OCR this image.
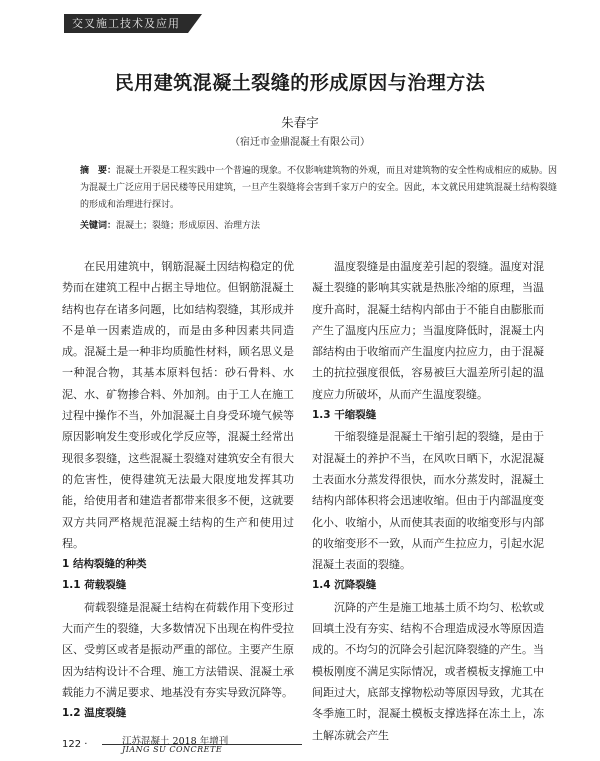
交叉施工技术及应用
民用建筑混凝土裂缝的形成原因与治理方法
朱春宇
（宿迁市金鼎混凝土有限公司）
摘　要：混凝土开裂是工程实践中一个普遍的现象。不仅影响建筑物的外观，而且对建筑物的安全性构成相应的威胁。因为混凝土广泛应用于居民楼等民用建筑，一旦产生裂缝将会害到千家万户的安全。因此，本文就民用建筑混凝土结构裂缝的形成和治理进行探讨。
关键词：混凝土；裂缝；形成原因、治理方法

在民用建筑中，钢筋混凝土因结构稳定的优势而在建筑工程中占据主导地位。但钢筋混凝土结构也存在诸多问题，比如结构裂缝，其形成并不是单一因素造成的，而是由多种因素共同造成。混凝土是一种非均质脆性材料，顾名思义是一种混合物，其基本原料包括：砂石骨料、水泥、水、矿物掺合料、外加剂。由于工人在施工过程中操作不当，外加混凝土自身受环境气候等原因影响发生变形或化学反应等，混凝土经常出现很多裂缝，这些混凝土裂缝对建筑安全有很大的危害性，使得建筑无法最大限度地发挥其功能，给使用者和建造者都带来很多不便，这就要双方共同严格规范混凝土结构的生产和使用过程。

1 结构裂缝的种类
1.1 荷载裂缝

荷载裂缝是混凝土结构在荷载作用下变形过大而产生的裂缝，大多数情况下出现在构件受拉区、受剪区或者是振动严重的部位。主要产生原因为结构设计不合理、施工方法错误、混凝土承载能力不满足要求、地基没有夯实导致沉降等。

1.2 温度裂缝

温度裂缝是由温度差引起的裂缝。温度对混凝土裂缝的影响其实就是热胀冷缩的原理，当温度升高时，混凝土结构内部由于不能自由膨胀而产生了温度内压应力；当温度降低时，混凝土内部结构由于收缩而产生温度内拉应力，由于混凝土的抗拉强度很低，容易被巨大温差所引起的温度应力所破坏，从而产生温度裂缝。

1.3 干缩裂缝

干缩裂缝是混凝土干缩引起的裂缝，是由于对混凝土的养护不当，在风吹日晒下，水泥混凝土表面水分蒸发得很快，而水分蒸发时，混凝土结构内部体积将会迅速收缩。但由于内部温度变化小、收缩小，从而使其表面的收缩变形与内部的收缩变形不一致，从而产生拉应力，引起水泥混凝土表面的裂缝。

1.4 沉降裂缝

沉降的产生是施工地基土质不均匀、松软或回填土没有夯实、结构不合理造成浸水等原因造成的。不均匀的沉降会引起沉降裂缝的产生。当模板刚度不满足实际情况，或者模板支撑施工中间距过大，底部支撑物松动等原因导致，尤其在冬季施工时，混凝土模板支撑选择在冻土上，冻土解冻就会产生

122 ·	江苏混凝土 2018 年增刊
JIANG SU CONCRETE
